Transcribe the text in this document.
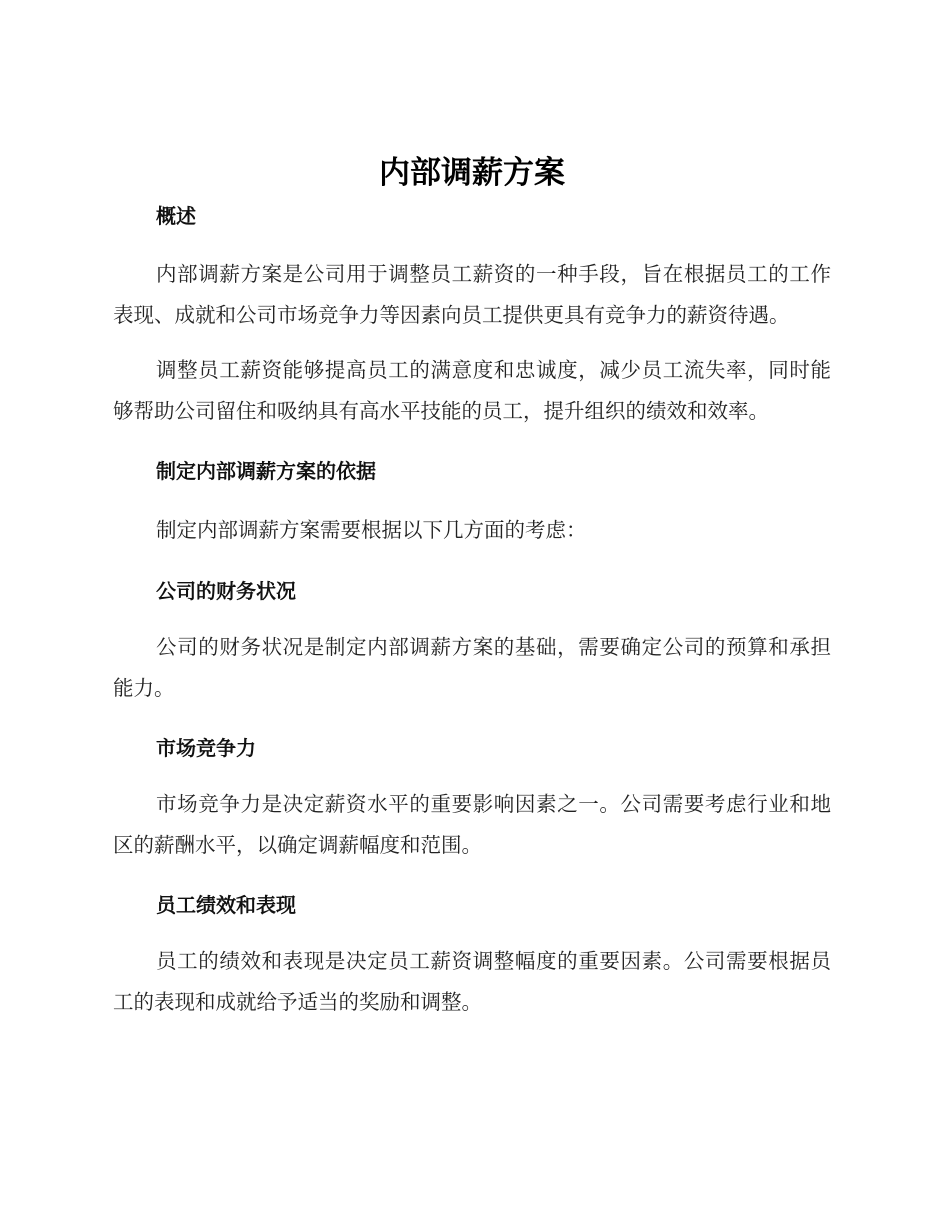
内部调薪方案
概述

内部调薪方案是公司用于调整员工薪资的一种手段，旨在根据员工的工作表现、成就和公司市场竞争力等因素向员工提供更具有竞争力的薪资待遇。

调整员工薪资能够提高员工的满意度和忠诚度，减少员工流失率，同时能够帮助公司留住和吸纳具有高水平技能的员工，提升组织的绩效和效率。

制定内部调薪方案的依据

制定内部调薪方案需要根据以下几方面的考虑：

公司的财务状况

公司的财务状况是制定内部调薪方案的基础，需要确定公司的预算和承担能力。

市场竞争力

市场竞争力是决定薪资水平的重要影响因素之一。公司需要考虑行业和地区的薪酬水平，以确定调薪幅度和范围。

员工绩效和表现

员工的绩效和表现是决定员工薪资调整幅度的重要因素。公司需要根据员工的表现和成就给予适当的奖励和调整。
